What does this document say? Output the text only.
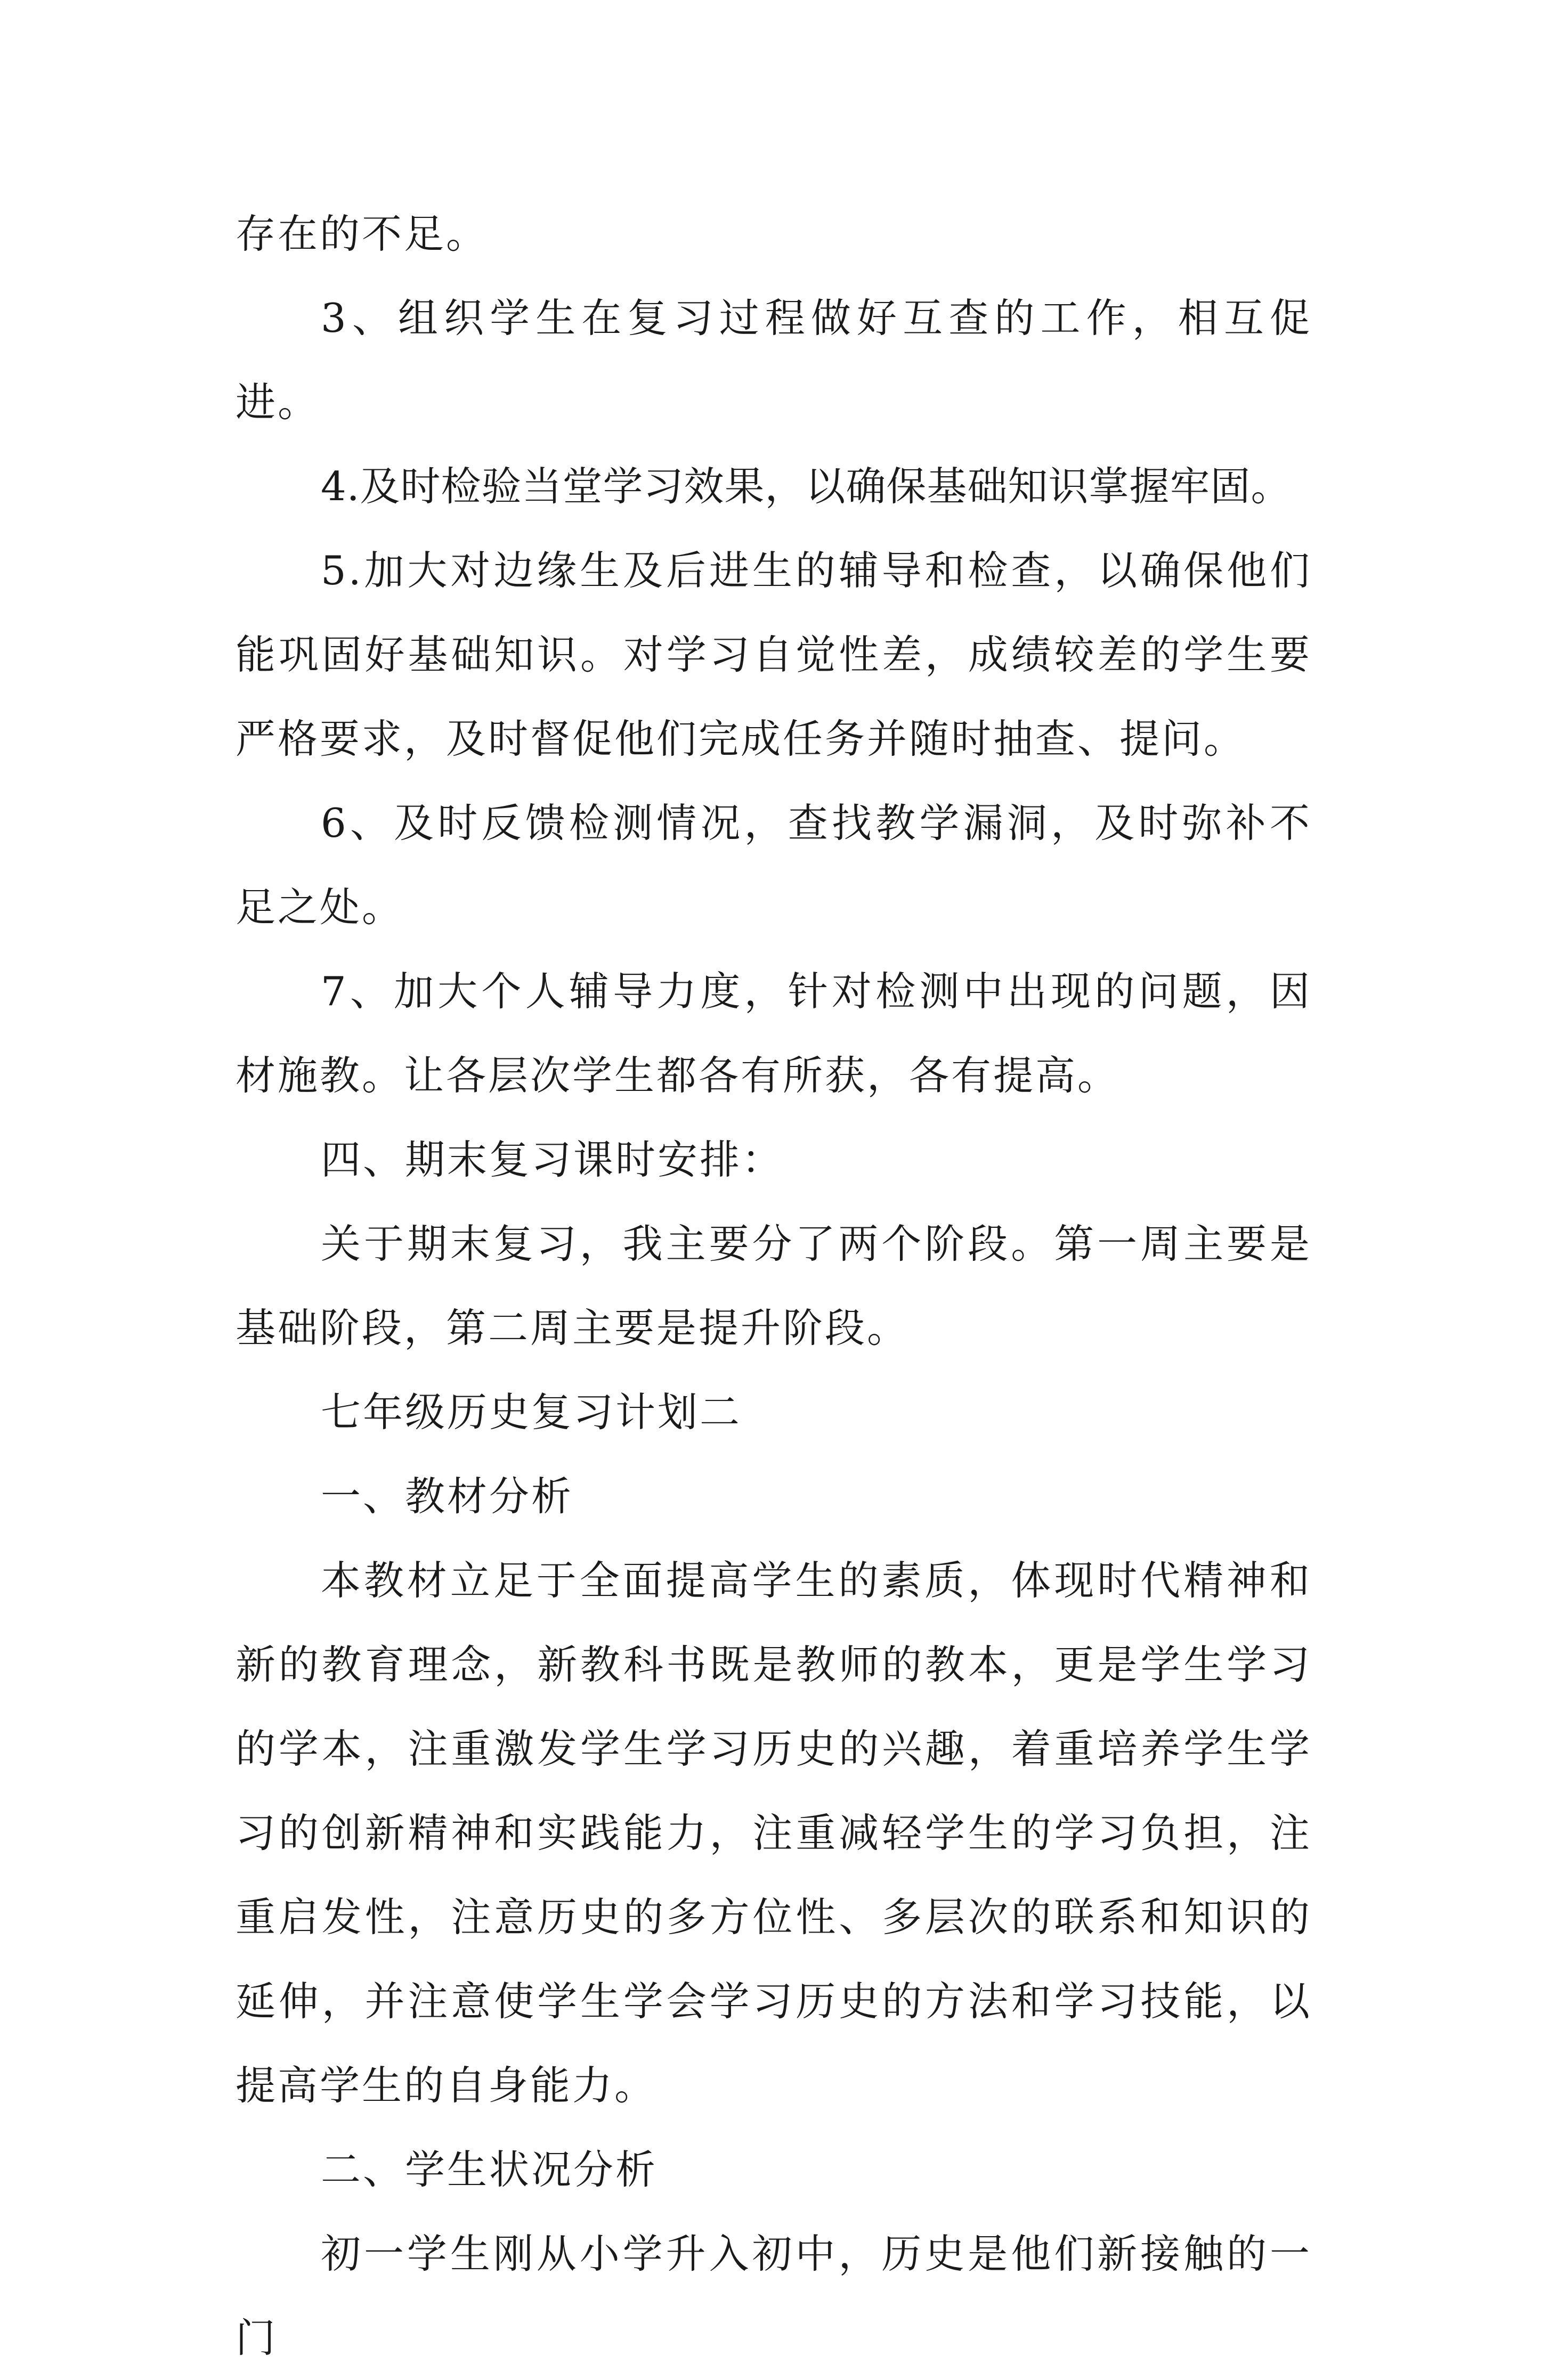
存在的不足。

3、组织学生在复习过程做好互查的工作，相互促进。

4.及时检验当堂学习效果，以确保基础知识掌握牢固。

5.加大对边缘生及后进生的辅导和检查，以确保他们能巩固好基础知识。对学习自觉性差，成绩较差的学生要严格要求，及时督促他们完成任务并随时抽查、提问。

6、及时反馈检测情况，查找教学漏洞，及时弥补不足之处。

7、加大个人辅导力度，针对检测中出现的问题，因材施教。让各层次学生都各有所获，各有提高。

四、期末复习课时安排：

关于期末复习，我主要分了两个阶段。第一周主要是基础阶段，第二周主要是提升阶段。

七年级历史复习计划二

一、教材分析

本教材立足于全面提高学生的素质，体现时代精神和新的教育理念，新教科书既是教师的教本，更是学生学习的学本，注重激发学生学习历史的兴趣，着重培养学生学习的创新精神和实践能力，注重减轻学生的学习负担，注重启发性，注意历史的多方位性、多层次的联系和知识的延伸，并注意使学生学会学习历史的方法和学习技能，以提高学生的自身能力。

二、学生状况分析

初一学生刚从小学升入初中，历史是他们新接触的一门
